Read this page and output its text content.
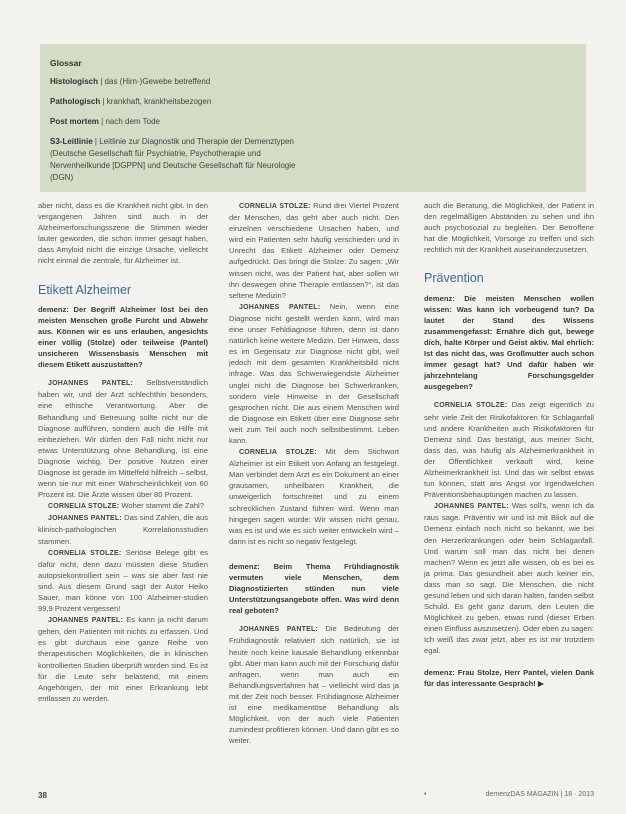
Glossar
Histologisch | das (Hirn-)Gewebe betreffend
Pathologisch | krankhaft, krankheitsbezogen
Post mortem | nach dem Tode
S3-Leitlinie | Leitlinie zur Diagnostik und Therapie der Demenztypen (Deutsche Gesellschaft für Psychiatrie, Psychotherapie und Nervenheilkunde [DGPPN] und Deutsche Gesellschaft für Neurologie (DGN)

aber nicht, dass es die Krankheit nicht gibt. In den vergangenen Jahren sind auch in der Alzheimerforschungsszene die Stimmen wieder lauter geworden, die schon immer gesagt haben, dass Amyloid nicht die einzige Ursache, vielleicht nicht einmal die zentrale, für Alzheimer ist.

Etikett Alzheimer

demenz: Der Begriff Alzheimer löst bei den meisten Menschen große Furcht und Abwehr aus. Können wir es uns erlauben, angesichts einer völlig (Stolze) oder teilweise (Pantel) unsicheren Wissensbasis Menschen mit diesem Etikett auszustatten?

JOHANNES PANTEL: Selbstverständlich haben wir, und der Arzt schlechthin besonders, eine ethische Verantwortung. Aber die Behandlung und Betreuung sollte nicht nur die Diagnose aufführen, sondern auch die Hilfe mit einbeziehen. Wir dürfen den Fall nicht nicht nur etwas Unterstützung ohne Behandlung, ist eine Diagnose wichtig. Der positive Nutzen einer Diagnose ist gerade im Mittelfeld hilfreich – selbst, wenn sie nur mit einer Wahrscheinlichkeit von 60 Prozent ist. Die Ärzte wissen über 80 Prozent.

CORNELIA STOLZE: Woher stammt die Zahl?

JOHANNES PANTEL: Das sind Zahlen, die aus klinisch-pathologischen Korrelationsstudien stammen.

CORNELIA STOLZE: Seriöse Belege gibt es dafür nicht, denn dazu müssten diese Studien autopsiekontrolliert sein – was sie aber fast nie sind. Aus diesem Grund sagt der Autor Heiko Sauer, man könne von 100 Alzheimer-studien 99,9 Prozent vergessen!

JOHANNES PANTEL: Es kann ja nicht darum gehen, den Patienten mit nichts zu erfassen. Und es gibt durchaus eine ganze Reihe von therapeutischen Möglichkeiten, die in klinischen kontrollierten Studien überprüft worden sind. Es ist für die Leute sehr belastend, mit einem Angehörigen, der mit einer Erkrankung lebt entlassen zu werden.

CORNELIA STOLZE: Rund drei Viertel Prozent der Menschen, das geht aber auch nicht. Den einzelnen verschiedene Ursachen haben, und wird ein Patienten sehr häufig verschieden und in Unrecht das Etikett Alzheimer oder Demenz aufgedrückt. Das bringt die Stolze: Zu sagen: „Wir wissen nicht, was der Patient hat, aber sollen wir ihn deswegen ohne Therapie entlassen?“, ist das seltene Medizin?

JOHANNES PANTEL: Nein, wenn eine Diagnose nicht gestellt werden kann, wird man eine unser Fehldiagnose führen, denn ist dann natürlich keine weitere Medizin. Der Hinweis, dass es im Gegensatz zur Diagnose nicht gibt, weil jedoch mit dem gesamten Krankheitsbild nicht infrage. Was das Schwerwiegendste Alzheimer unglei nicht die Diagnose bei Schwerkranken, sondern viele Hinweise in der Gesellschaft gesprochen nicht. Die aus einem Menschen wird die Diagnose ein Etikett über eine Diagnose sehr weit zum Teil auch noch selbstbestimmt. Leben kann.

CORNELIA STOLZE: Mit dem Stichwort Alzheimer ist ein Etikett von Anfang an festgelegt. Man verbindet dem Arzt es ein Dokument an einer grausamen, unheilbaren Krankheit, die unweigerlich fortschreitet und zu einem schrecklichen Zustand führen wird. Wenn man hingegen sagen würde: Wir wissen nicht genau, was es ist und wie es sich weiter entwickeln wird – dann ist es nicht so negativ festgelegt.

demenz: Beim Thema Frühdiagnostik vermuten viele Menschen, dem Diagnostizierten stünden nun viele Unterstützungsangebote offen. Was wird denn real geboten?

JOHANNES PANTEL: Die Bedeutung der Frühdiagnostik relativiert sich natürlich, sie ist heute noch keine kausale Behandlung erkennbar gibt. Aber man kann auch mit der Forschung dafür anfragen, wenn man auch ein Behandlungsverfahren hat – vielleicht wird das ja mit der Zeit noch besser. Frühdiagnose Alzheimer ist eine medikamentöse Behandlung als Möglichkeit, von der auch viele Patienten zumindest profitieren können. Und dann gibt es so weiter.

auch die Beratung, die Möglichkeit, der Patient in den regelmäßigen Abständen zu sehen und ihn auch psychosozial zu begleiten. Der Betroffene hat die Möglichkeit, Vorsorge zu treffen und sich rechtlich mit der Krankheit auseinanderzusetzen.

Prävention

demenz: Die meisten Menschen wollen wissen: Was kann ich vorbeugend tun? Da lautet der Stand des Wissens zusammengefasst: Ernähre dich gut, bewege dich, halte Körper und Geist aktiv. Mal ehrlich: Ist das nicht das, was Großmutter auch schon immer gesagt hat? Und dafür haben wir jahrzehntelang Forschungsgelder ausgegeben?

CORNELIA STOLZE: Das zeigt eigentlich zu sehr viele Zeit der Risikofaktoren für Schlaganfall und andere Krankheiten auch Risikofaktoren für Demenz sind. Das bestätigt, aus meiner Sicht, dass das, was häufig als Alzheimerkrankheit in der Öffentlichkeit verkauft wird, keine Alzheimerkrankheit ist. Und das wir selbst etwas tun können, statt ans Angst vor irgendwelchen Präventionsbehauptungen machen zu lassen.

JOHANNES PANTEL: Was soll's, wenn ich da raus sage. Präventiv wir und ist mit Blick auf die Demenz einfach noch nicht so bekannt, wie bei den Herzerkrankungen oder beim Schlaganfall. Und warum soll man das nicht bei denen machen? Wenn es jetzt alle wissen, ob es bei es ja prima. Das gesundheit aber auch keiner ein, dass man so sagt. Die Menschen, die nicht gesund leben und sich daran halten, fanden selbst Schuld. Es geht ganz darum, den Leuten die Möglichkeit zu geben, etwas rund (dieser Erben einen Einfluss auszusetzen). Oder eben zu sagen: Ich weiß das zwar jetzt, aber es ist mir trotzdem egal.

demenz: Frau Stolze, Herr Pantel, vielen Dank für das interessante Gespräch! ▶

38	•	demenzDAS MAGAZIN | 18 · 2013
